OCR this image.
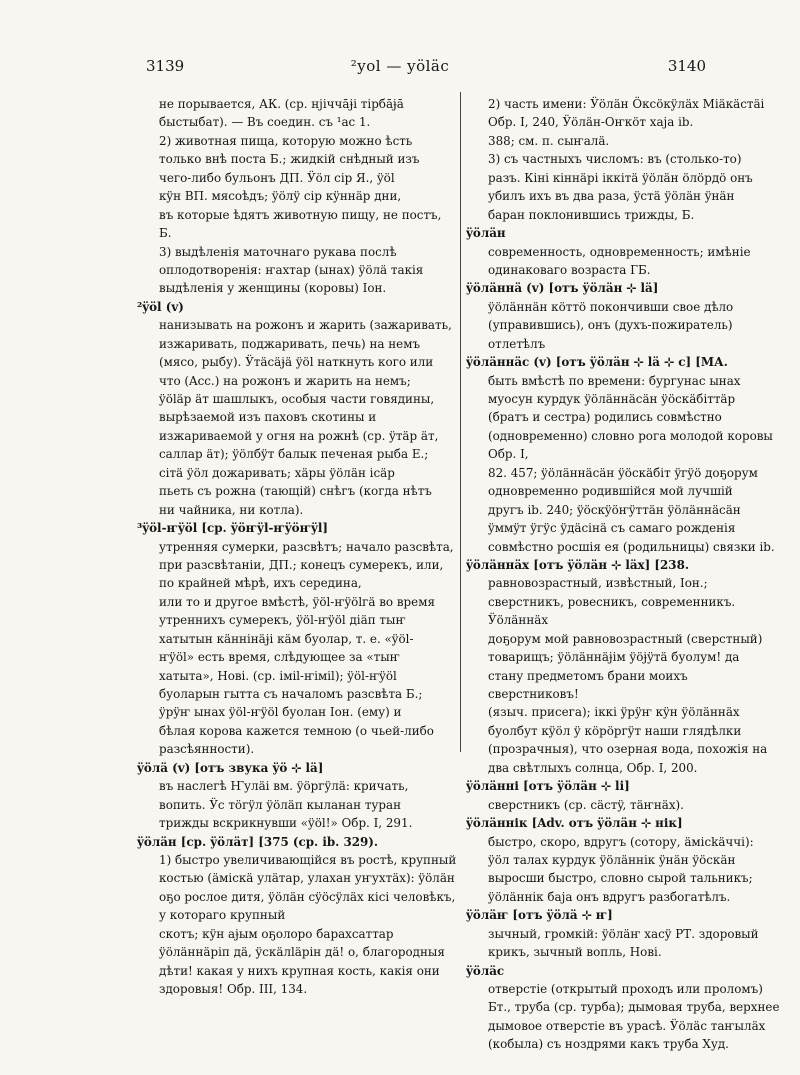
3139	²yol — yöläc	3140
не порывается, АК. (ср. нјічча̄ɉі тірба̄ɉа̄
быстыбат). — Въ соедин. съ ¹ас 1.
2) животная пища, которую можно ѣсть
только внѣ поста Б.; жидкій снѣдный изъ
чего-либо бульонъ ДП. Ӱöл сір Я., ÿöl
кÿн ВП. мясоѣдъ; ÿöлÿ сір кÿннäр дни,
въ которые ѣдятъ животную пищу, не постъ, Б.
3) выдѣленія маточнаго рукава послѣ оплодотворенія: ҥахтар (ынах) ÿöлä такія выдѣленія у женщины (коровы) Іон.
²ÿöl (v)
нанизывать на рожонъ и жарить (зажаривать,
изжаривать, поджаривать, печь) на немъ
(мясо, рыбу). Ӱтäсäɉä ÿöl наткнуть кого или
что (Acc.) на рожонъ и жарить на немъ;
ÿöläр äт шашлыкъ, особыя части говядины,
вырѣзаемой изъ паховъ скотины и изжариваемой у огня на рожнѣ (ср. ÿтäр äт, саллар äт); ÿöлбÿт балык печеная рыба Е.;
сітä ÿöл дожаривать; хäры ÿöлäн ісäр
пьеть съ рожна (тающій) снѣгъ (когда нѣтъ
ни чайника, ни котла).
³ÿöl-ҥÿöl [ср. ÿöҥÿl-ҥÿöҥÿl]
утренняя сумерки, разсвѣтъ; начало разсвѣта, при разсвѣтаніи, ДП.; конецъ сумерекъ, или, по крайней мѣрѣ, ихъ середина,
или то и другое вмѣстѣ, ÿöl-ҥÿölгä во время
утреннихъ сумерекъ, ÿöl-ҥÿöl діäп тыҥ хатытын кäннінäɉі кäм буолар, т. е. «ÿöl-
ҥÿöl» есть время, слѣдующее за «тыҥ хатыта», Нові. (ср. імil-ҥімil); ÿöl-ҥÿöl буоларын гытта съ началомъ разсвѣта Б.;
ÿрÿҥ ынах ÿöl-ҥÿöl буолан Іон. (ему) и
бѣлая корова кажется темною (о чьей-либо
разсѣянности).
ÿöлä (v) [отъ звука ÿö ⊹ lä]
въ наслегѣ Ҥулäі вм. ÿöргÿлä: кричать, вопить. Ӱс тöгÿл ÿöлäп кыланан туран
трижды вскрикнувши «ÿöl!» Обр. I, 291.
ÿöлäн [ср. ÿöлäт] [375 (ср. ib. 329).
1) быстро увеличивающійся въ ростѣ, крупный костью (äміскä улäтар, улахан уҥухтäх): ÿöлäн оҕо рослое дитя, ÿöлäн сÿöсÿлäх кісі человѣкъ, у котораго крупный
скотъ; кÿн аɉым оҕолоро барахсаттар
ÿöлäннäріп дä, ÿскäлläрін дä! о, благородныя дѣти! какая у нихъ крупная кость, какія они здоровыя! Обр. III, 134.
2) часть имени: Ӱöлäн Öксöкÿлäх Міäкäстäі Обр. I, 240, Ӱöлäн-Оҥкöт хаjа ib.
388; см. п. сыҥалä.
3) съ частныхъ числомъ: въ (столько-то)
разъ. Кіні кіннäрі іккітä ÿöлäн öлöрдö онъ
убилъ ихъ въ два раза, ÿстä ÿöлäн ÿнäн
баран поклонившись трижды, Б.
ÿöлäн
современность, одновременность; имѣніе одинаковаго возраста ГБ.
ÿöлäннä (v) [отъ ÿöлäн ⊹ lä]
ÿöлäннäн кöттö покончивши свое дѣло (управившись), онъ (духъ-пожиратель) отлетѣлъ
ÿöлäннäс (v) [отъ ÿöлäн ⊹ lä ⊹ c] [МА.
быть вмѣстѣ по времени: бургунас ынах
муосун курдук ÿöлäннäсäн ÿöскäбіттäр
(братъ и сестра) родились совмѣстно (одновременно) словно рога молодой коровы Обр. I,
82. 457; ÿöлäннäсäн ÿöскäбіт ÿгÿö доҕорум одновременно родившійся мой лучшій
другъ ib. 240; ÿöскÿöҥÿттäн ÿöлäннäсäн
ÿммÿт ÿгÿс ÿдäсінä съ самаго рожденія совмѣстно росшія ея (родильницы) связки ib.
ÿöлäннäх [отъ ÿöлäн ⊹ läx] [238.
равновозрастный, извѣстный, Іон.; сверстникъ, ровесникъ, современникъ. Ӱöлäннäх
доҕорум мой равновозрастный (сверстный)
товарищъ; ÿöлäннäɉім ÿöɉÿтä буолум! да
стану предметомъ брани моихъ сверстниковъ!
(языч. присега); іккі ÿрÿҥ кÿн ÿöлäннäх
буолбут кÿöл ÿ кöрöргÿт наши глядѣлки
(прозрачныя), что озерная вода, похожія на
два свѣтлыхъ солнца, Обр. I, 200.
ÿöлäнні [отъ ÿöлäн ⊹ li]
сверстникъ (ср. сäстÿ, тäҥнäх).
ÿöлäннік [Adv. отъ ÿöлäн ⊹ нік]
быстро, скоро, вдругъ (сотору, äмісkäччі):
ÿöл талах курдук ÿöлäннік ÿнäн ÿöскäн
выросши быстро, словно сырой тальникъ;
ÿöлäннік баjа онъ вдругъ разбогатѣлъ.
ÿöлäҥ [отъ ÿöлä ⊹ ҥ]
зычный, громкій: ÿöлäҥ хасÿ РТ. здоровый крикъ, зычный вопль, Нові.
ÿöлäс
отверстіе (открытый проходъ или проломъ)
Бт., труба (ср. турба); дымовая труба, верхнее дымовое отверстіе въ урасѣ. Ӱöлäс таҥылäх (кобыла) съ ноздрями какъ труба Худ.
